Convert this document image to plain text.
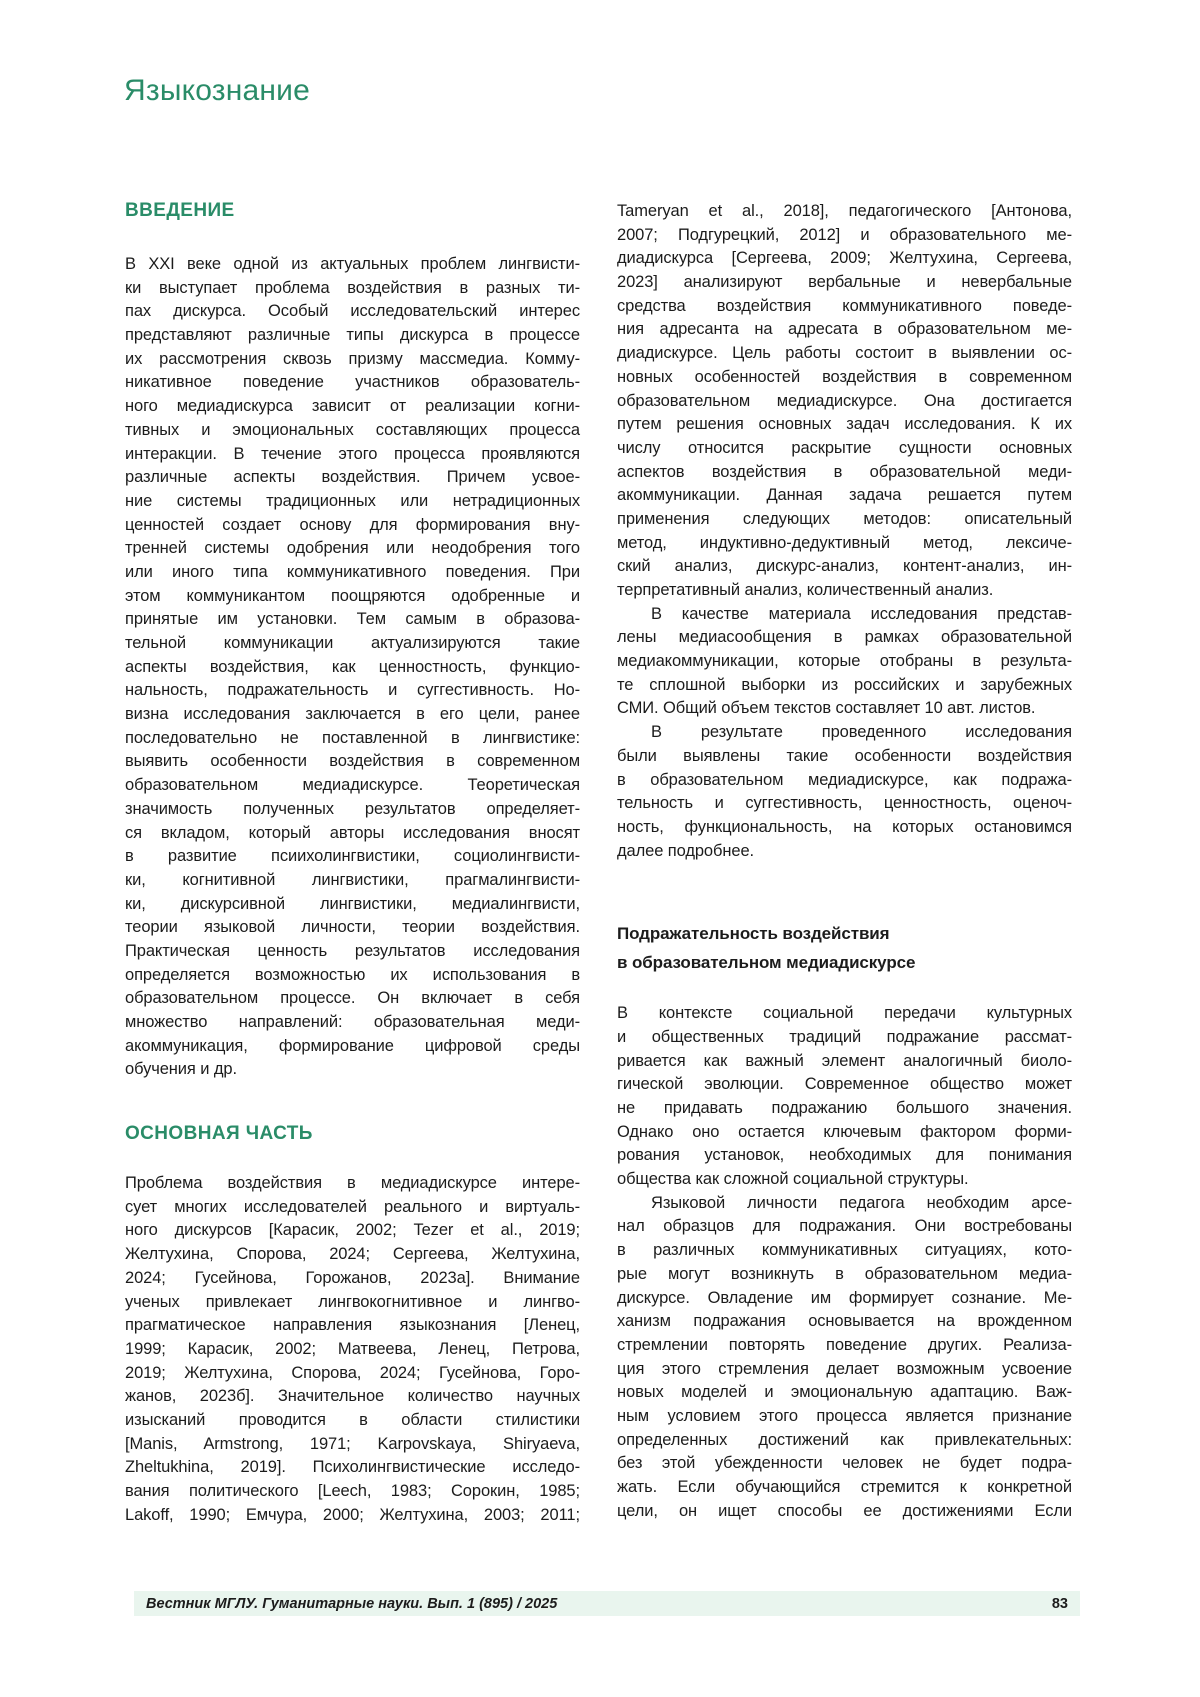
Языкознание
ВВЕДЕНИЕ
В XXI веке одной из актуальных проблем лингвисти-
ки выступает проблема воздействия в разных ти-
пах дискурса. Особый исследовательский интерес
представляют различные типы дискурса в процессе
их рассмотрения сквозь призму массмедиа. Комму-
никативное поведение участников образователь-
ного медиадискурса зависит от реализации когни-
тивных и эмоциональных составляющих процесса
интеракции. В течение этого процесса проявляются
различные аспекты воздействия. Причем усвое-
ние системы традиционных или нетрадиционных
ценностей создает основу для формирования вну-
тренней системы одобрения или неодобрения того
или иного типа коммуникативного поведения. При
этом коммуникантом поощряются одобренные и
принятые им установки. Тем самым в образова-
тельной коммуникации актуализируются такие
аспекты воздействия, как ценностность, функцио-
нальность, подражательность и суггестивность. Но-
визна исследования заключается в его цели, ранее
последовательно не поставленной в лингвистике:
выявить особенности воздействия в современном
образовательном медиадискурсе. Теоретическая
значимость полученных результатов определяет-
ся вкладом, который авторы исследования вносят
в развитие псиихолингвистики, социолингвисти-
ки, когнитивной лингвистики, прагмалингвисти-
ки, дискурсивной лингвистики, медиалингвисти,
теории языковой личности, теории воздействия.
Практическая ценность результатов исследования
определяется возможностью их использования в
образовательном процессе. Он включает в себя
множество направлений: образовательная меди-
акоммуникация, формирование цифровой среды
обучения и др.
ОСНОВНАЯ ЧАСТЬ
Проблема воздействия в медиадискурсе интере-
сует многих исследователей реального и виртуаль-
ного дискурсов [Карасик, 2002; Tezer et al., 2019;
Желтухина, Спорова, 2024; Сергеева, Желтухина,
2024; Гусейнова, Горожанов, 2023а]. Внимание
ученых привлекает лингвокогнитивное и лингво-
прагматическое направления языкознания [Ленец,
1999; Карасик, 2002; Матвеева, Ленец, Петрова,
2019; Желтухина, Спорова, 2024; Гусейнова, Горо-
жанов, 2023б]. Значительное количество научных
изысканий проводится в области стилистики
[Manis, Armstrong, 1971; Karpovskaya, Shiryaeva,
Zheltukhina, 2019]. Психолингвистические исследо-
вания политического [Leech, 1983; Сорокин, 1985;
Lakoff, 1990; Емчура, 2000; Желтухина, 2003; 2011;
Tameryan et al., 2018], педагогического [Антонова,
2007; Подгурецкий, 2012] и образовательного ме-
диадискурса [Сергеева, 2009; Желтухина, Сергеева,
2023] анализируют вербальные и невербальные
средства воздействия коммуникативного поведе-
ния адресанта на адресата в образовательном ме-
диадискурсе. Цель работы состоит в выявлении ос-
новных особенностей воздействия в современном
образовательном медиадискурсе. Она достигается
путем решения основных задач исследования. К их
числу относится раскрытие сущности основных
аспектов воздействия в образовательной меди-
акоммуникации. Данная задача решается путем
применения следующих методов: описательный
метод, индуктивно-дедуктивный метод, лексиче-
ский анализ, дискурс-анализ, контент-анализ, ин-
терпретативный анализ, количественный анализ.
В качестве материала исследования представ-
лены медиасообщения в рамках образовательной
медиакоммуникации, которые отобраны в результа-
те сплошной выборки из российских и зарубежных
СМИ. Общий объем текстов составляет 10 авт. листов.
В результате проведенного исследования
были выявлены такие особенности воздействия
в образовательном медиадискурсе, как подража-
тельность и суггестивность, ценностность, оценоч-
ность, функциональность, на которых остановимся
далее подробнее.
Подражательность воздействия
в образовательном медиадискурсе
В контексте социальной передачи культурных
и общественных традиций подражание рассмат-
ривается как важный элемент аналогичный биоло-
гической эволюции. Современное общество может
не придавать подражанию большого значения.
Однако оно остается ключевым фактором форми-
рования установок, необходимых для понимания
общества как сложной социальной структуры.
Языковой личности педагога необходим арсе-
нал образцов для подражания. Они востребованы
в различных коммуникативных ситуациях, кото-
рые могут возникнуть в образовательном медиа-
дискурсе. Овладение им формирует сознание. Ме-
ханизм подражания основывается на врожденном
стремлении повторять поведение других. Реализа-
ция этого стремления делает возможным усвоение
новых моделей и эмоциональную адаптацию. Важ-
ным условием этого процесса является признание
определенных достижений как привлекательных:
без этой убежденности человек не будет подра-
жать. Если обучающийся стремится к конкретной
цели, он ищет способы ее достижениями Если
Вестник МГЛУ. Гуманитарные науки. Вып. 1 (895) / 2025	83
